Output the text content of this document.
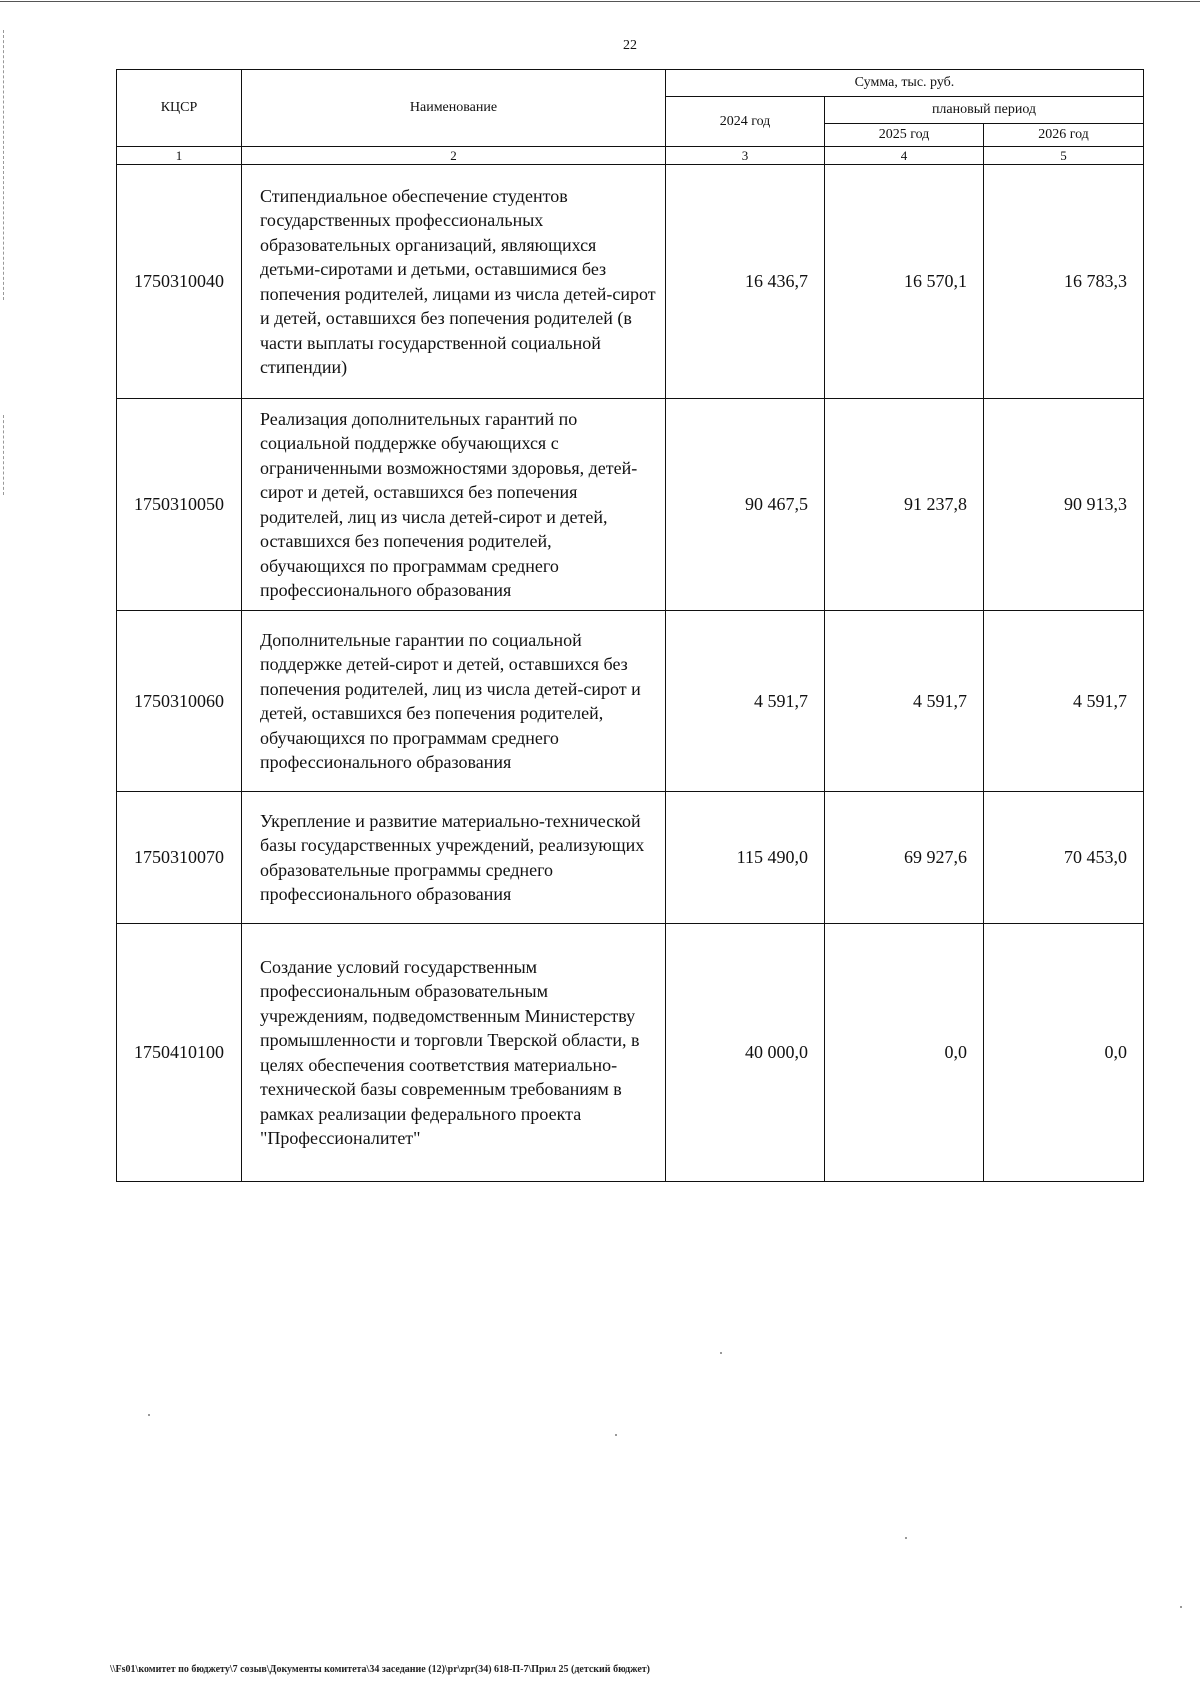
22
КЦСР	Наименование	Сумма, тыс. руб.		
		2024 год	плановый период	
			2025 год	2026 год
1	2	3	4	5
1750310040	Стипендиальное обеспечение студентов государственных профессиональных образовательных организаций, являющихся детьми-сиротами и детьми, оставшимися без попечения родителей, лицами из числа детей-сирот и детей, оставшихся без попечения родителей (в части выплаты государственной социальной стипендии)	16 436,7	16 570,1	16 783,3
1750310050	Реализация дополнительных гарантий по социальной поддержке обучающихся с ограниченными возможностями здоровья, детей-сирот и детей, оставшихся без попечения родителей, лиц из числа детей-сирот и детей, оставшихся без попечения родителей, обучающихся по программам среднего профессионального образования	90 467,5	91 237,8	90 913,3
1750310060	Дополнительные гарантии по социальной поддержке детей-сирот и детей, оставшихся без попечения родителей, лиц из числа детей-сирот и детей, оставшихся без попечения родителей, обучающихся по программам среднего профессионального образования	4 591,7	4 591,7	4 591,7
1750310070	Укрепление и развитие материально-технической базы государственных учреждений, реализующих образовательные программы среднего профессионального образования	115 490,0	69 927,6	70 453,0
1750410100	Создание условий государственным профессиональным образовательным учреждениям, подведомственным Министерству промышленности и торговли Тверской области, в целях обеспечения соответствия материально-технической базы современным требованиям в рамках реализации федерального проекта "Профессионалитет"	40 000,0	0,0	0,0
\\Fs01\комитет по бюджету\7 созыв\Документы комитета\34 заседание (12)\pr\zpr(34) 618-П-7\Прил 25 (детский бюджет)
